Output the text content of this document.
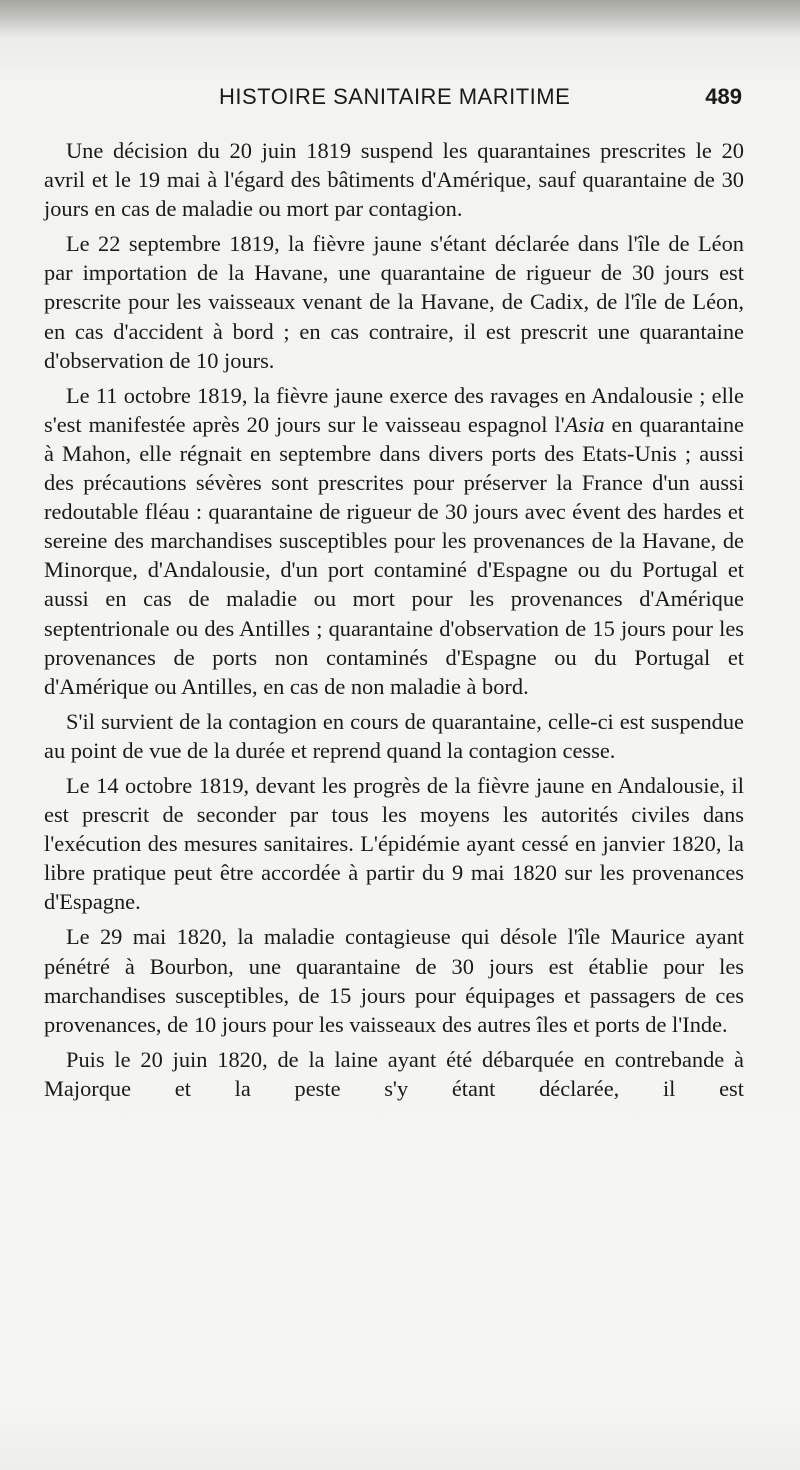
HISTOIRE SANITAIRE MARITIME	489

Une décision du 20 juin 1819 suspend les quarantaines prescrites le 20 avril et le 19 mai à l'égard des bâtiments d'Amérique, sauf quarantaine de 30 jours en cas de maladie ou mort par contagion.

Le 22 septembre 1819, la fièvre jaune s'étant déclarée dans l'île de Léon par importation de la Havane, une quarantaine de rigueur de 30 jours est prescrite pour les vaisseaux venant de la Havane, de Cadix, de l'île de Léon, en cas d'accident à bord ; en cas contraire, il est prescrit une quarantaine d'observation de 10 jours.

Le 11 octobre 1819, la fièvre jaune exerce des ravages en Andalousie ; elle s'est manifestée après 20 jours sur le vaisseau espagnol l'Asia en quarantaine à Mahon, elle régnait en septembre dans divers ports des Etats-Unis ; aussi des précautions sévères sont prescrites pour préserver la France d'un aussi redoutable fléau : quarantaine de rigueur de 30 jours avec évent des hardes et sereine des marchandises susceptibles pour les provenances de la Havane, de Minorque, d'Andalousie, d'un port contaminé d'Espagne ou du Portugal et aussi en cas de maladie ou mort pour les provenances d'Amérique septentrionale ou des Antilles ; quarantaine d'observation de 15 jours pour les provenances de ports non contaminés d'Espagne ou du Portugal et d'Amérique ou Antilles, en cas de non maladie à bord.

S'il survient de la contagion en cours de quarantaine, celle-ci est suspendue au point de vue de la durée et reprend quand la contagion cesse.

Le 14 octobre 1819, devant les progrès de la fièvre jaune en Andalousie, il est prescrit de seconder par tous les moyens les autorités civiles dans l'exécution des mesures sanitaires. L'épidémie ayant cessé en janvier 1820, la libre pratique peut être accordée à partir du 9 mai 1820 sur les provenances d'Espagne.

Le 29 mai 1820, la maladie contagieuse qui désole l'île Maurice ayant pénétré à Bourbon, une quarantaine de 30 jours est établie pour les marchandises susceptibles, de 15 jours pour équipages et passagers de ces provenances, de 10 jours pour les vaisseaux des autres îles et ports de l'Inde.

Puis le 20 juin 1820, de la laine ayant été débarquée en contrebande à Majorque et la peste s'y étant déclarée, il est
